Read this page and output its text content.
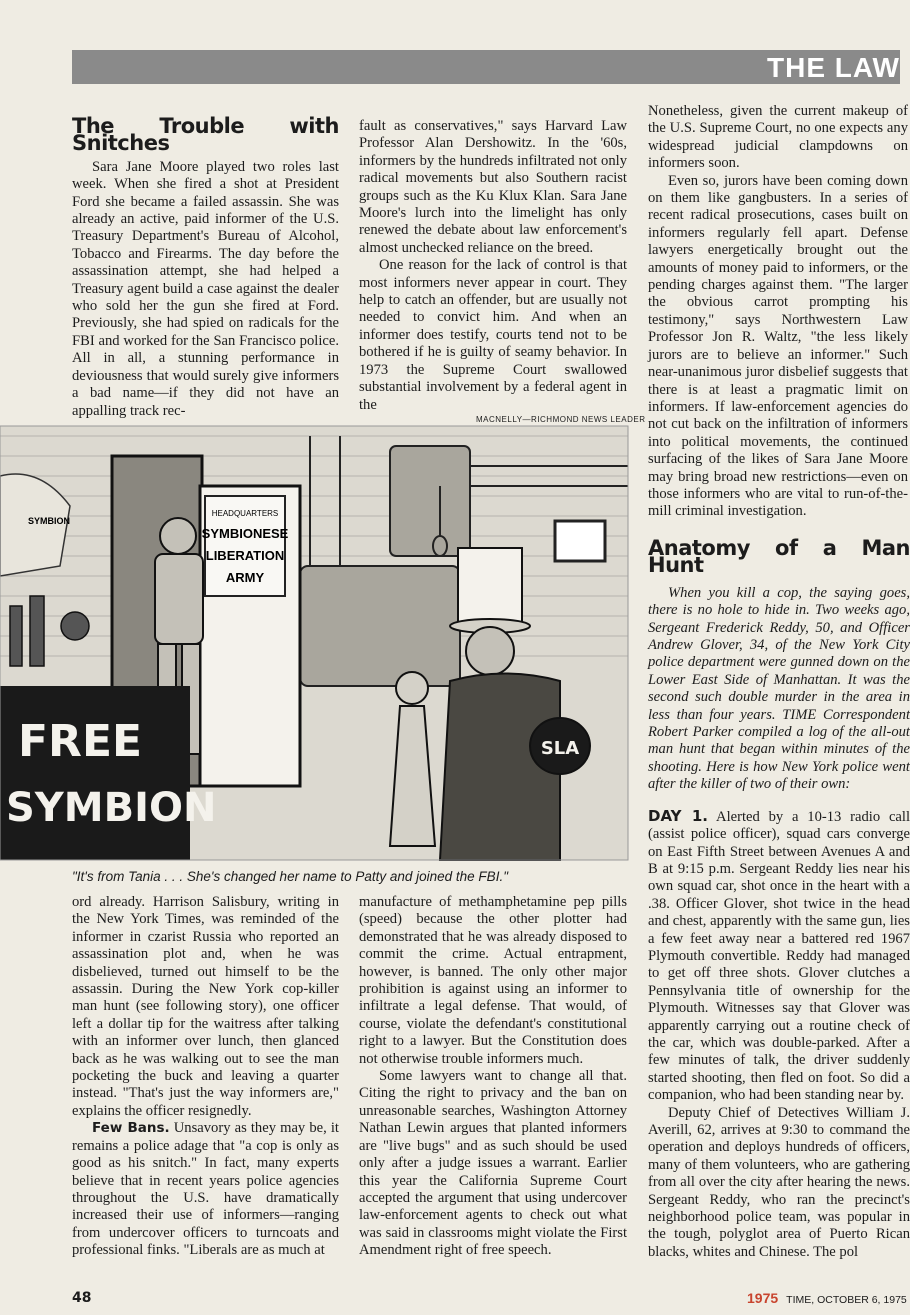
THE LAW
The Trouble with Snitches

Sara Jane Moore played two roles last week. When she fired a shot at President Ford she became a failed assassin. She was already an active, paid informer of the U.S. Treasury Department's Bureau of Alcohol, Tobacco and Firearms. The day before the assassination attempt, she had helped a Treasury agent build a case against the dealer who sold her the gun she fired at Ford. Previously, she had spied on radicals for the FBI and worked for the San Francisco police. All in all, a stunning performance in deviousness that would surely give informers a bad name—if they did not have an appalling track rec-

fault as conservatives," says Harvard Law Professor Alan Dershowitz. In the '60s, informers by the hundreds infiltrated not only radical movements but also Southern racist groups such as the Ku Klux Klan. Sara Jane Moore's lurch into the limelight has only renewed the debate about law enforcement's almost unchecked reliance on the breed.

One reason for the lack of control is that most informers never appear in court. They help to catch an offender, but are usually not needed to convict him. And when an informer does testify, courts tend not to be bothered if he is guilty of seamy behavior. In 1973 the Supreme Court swallowed substantial involvement by a federal agent in the

MACNELLY—RICHMOND NEWS LEADER
HEADQUARTERS
SYMBIONESE
LIBERATION
ARMY
SYMBION
FREE
SYMBION
SLA
"It's from Tania . . . She's changed her name to Patty and joined the FBI."

ord already. Harrison Salisbury, writing in the New York Times, was reminded of the informer in czarist Russia who reported an assassination plot and, when he was disbelieved, turned out himself to be the assassin. During the New York cop-killer man hunt (see following story), one officer left a dollar tip for the waitress after talking with an informer over lunch, then glanced back as he was walking out to see the man pocketing the buck and leaving a quarter instead. "That's just the way informers are," explains the officer resignedly.

Few Bans. Unsavory as they may be, it remains a police adage that "a cop is only as good as his snitch." In fact, many experts believe that in recent years police agencies throughout the U.S. have dramatically increased their use of informers—ranging from undercover officers to turncoats and professional finks. "Liberals are as much at

manufacture of methamphetamine pep pills (speed) because the other plotter had demonstrated that he was already disposed to commit the crime. Actual entrapment, however, is banned. The only other major prohibition is against using an informer to infiltrate a legal defense. That would, of course, violate the defendant's constitutional right to a lawyer. But the Constitution does not otherwise trouble informers much.

Some lawyers want to change all that. Citing the right to privacy and the ban on unreasonable searches, Washington Attorney Nathan Lewin argues that planted informers are "live bugs" and as such should be used only after a judge issues a warrant. Earlier this year the California Supreme Court accepted the argument that using undercover law-enforcement agents to check out what was said in classrooms might violate the First Amendment right of free speech.

Nonetheless, given the current makeup of the U.S. Supreme Court, no one expects any widespread judicial clampdowns on informers soon.

Even so, jurors have been coming down on them like gangbusters. In a series of recent radical prosecutions, cases built on informers regularly fell apart. Defense lawyers energetically brought out the amounts of money paid to informers, or the pending charges against them. "The larger the obvious carrot prompting his testimony," says Northwestern Law Professor Jon R. Waltz, "the less likely jurors are to believe an informer." Such near-unanimous juror disbelief suggests that there is at least a pragmatic limit on informers. If law-enforcement agencies do not cut back on the infiltration of informers into political movements, the continued surfacing of the likes of Sara Jane Moore may bring broad new restrictions—even on those informers who are vital to run-of-the-mill criminal investigation.

Anatomy of a Man Hunt

When you kill a cop, the saying goes, there is no hole to hide in. Two weeks ago, Sergeant Frederick Reddy, 50, and Officer Andrew Glover, 34, of the New York City police department were gunned down on the Lower East Side of Manhattan. It was the second such double murder in the area in less than four years. TIME Correspondent Robert Parker compiled a log of the all-out man hunt that began within minutes of the shooting. Here is how New York police went after the killer of two of their own:

DAY 1. Alerted by a 10-13 radio call (assist police officer), squad cars converge on East Fifth Street between Avenues A and B at 9:15 p.m. Sergeant Reddy lies near his own squad car, shot once in the heart with a .38. Officer Glover, shot twice in the head and chest, apparently with the same gun, lies a few feet away near a battered red 1967 Plymouth convertible. Reddy had managed to get off three shots. Glover clutches a Pennsylvania title of ownership for the Plymouth. Witnesses say that Glover was apparently carrying out a routine check of the car, which was double-parked. After a few minutes of talk, the driver suddenly started shooting, then fled on foot. So did a companion, who had been standing near by.

Deputy Chief of Detectives William J. Averill, 62, arrives at 9:30 to command the operation and deploys hundreds of officers, many of them volunteers, who are gathering from all over the city after hearing the news. Sergeant Reddy, who ran the precinct's neighborhood police team, was popular in the tough, polyglot area of Puerto Rican blacks, whites and Chinese. The pol

48	1975 TIME, OCTOBER 6, 1975
